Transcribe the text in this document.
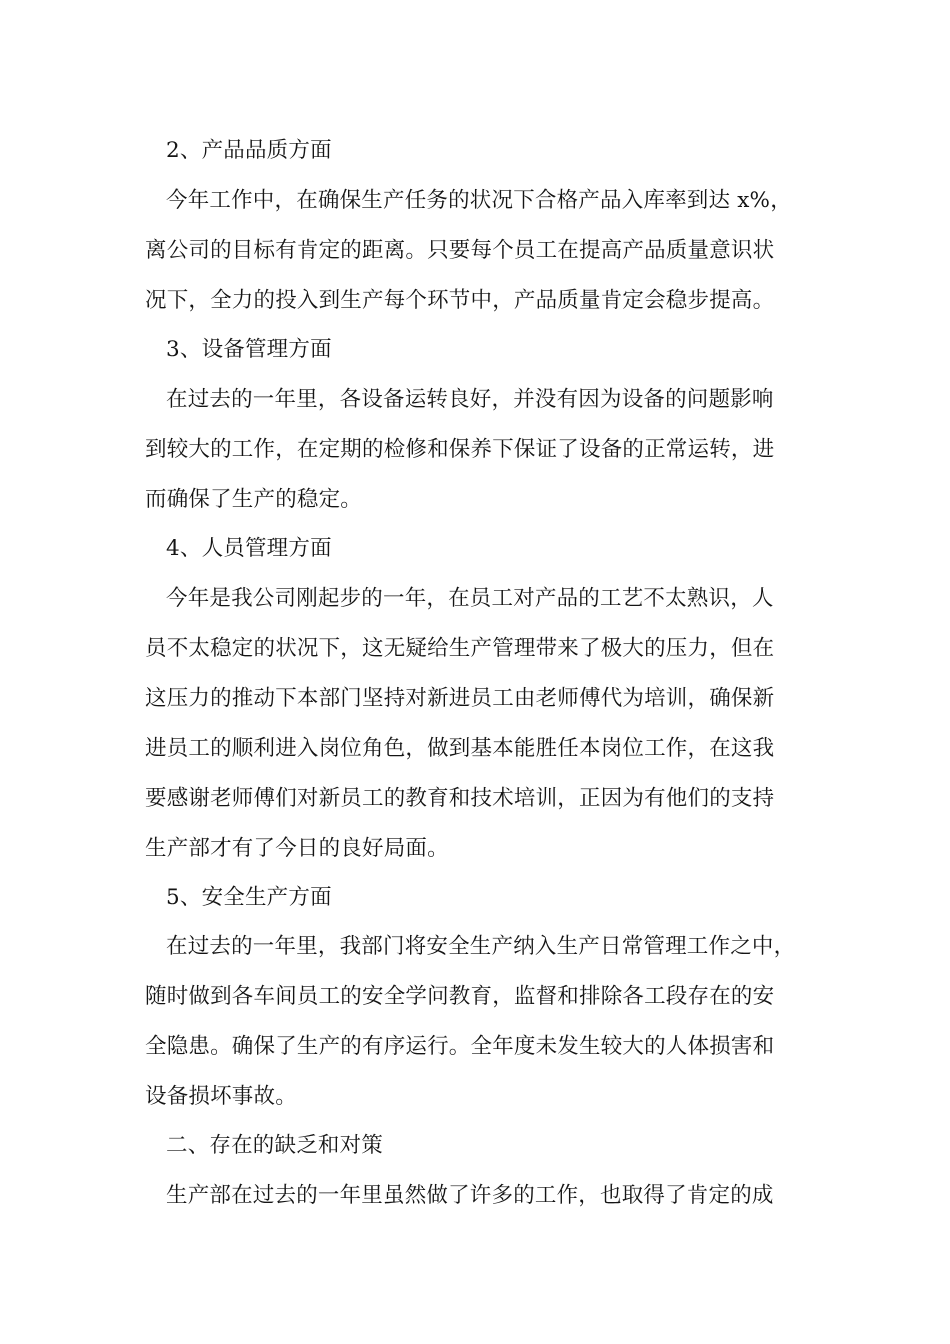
2、产品品质方面
今年工作中，在确保生产任务的状况下合格产品入库率到达 x%，
离公司的目标有肯定的距离。只要每个员工在提高产品质量意识状
况下，全力的投入到生产每个环节中，产品质量肯定会稳步提高。
3、设备管理方面
在过去的一年里，各设备运转良好，并没有因为设备的问题影响
到较大的工作，在定期的检修和保养下保证了设备的正常运转，进
而确保了生产的稳定。
4、人员管理方面
今年是我公司刚起步的一年，在员工对产品的工艺不太熟识，人
员不太稳定的状况下，这无疑给生产管理带来了极大的压力，但在
这压力的推动下本部门坚持对新进员工由老师傅代为培训，确保新
进员工的顺利进入岗位角色，做到基本能胜任本岗位工作，在这我
要感谢老师傅们对新员工的教育和技术培训，正因为有他们的支持
生产部才有了今日的良好局面。
5、安全生产方面
在过去的一年里，我部门将安全生产纳入生产日常管理工作之中，
随时做到各车间员工的安全学问教育，监督和排除各工段存在的安
全隐患。确保了生产的有序运行。全年度未发生较大的人体损害和
设备损坏事故。
二、存在的缺乏和对策
生产部在过去的一年里虽然做了许多的工作，也取得了肯定的成
